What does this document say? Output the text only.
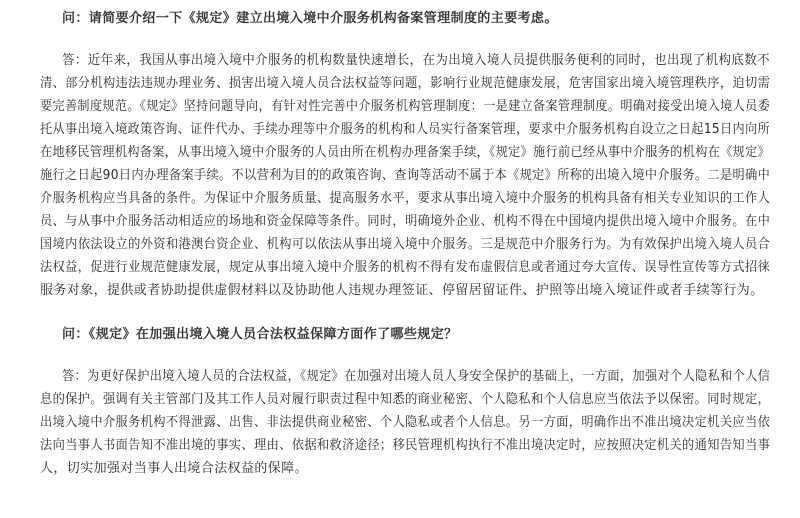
问：请简要介绍一下《规定》建立出境入境中介服务机构备案管理制度的主要考虑。
答：近年来，我国从事出境入境中介服务的机构数量快速增长，在为出境入境人员提供服务便利的同时，也出现了机构底数不
清、部分机构违法违规办理业务、损害出境入境人员合法权益等问题，影响行业规范健康发展，危害国家出境入境管理秩序，迫切需
要完善制度规范。《规定》坚持问题导向，有针对性完善中介服务机构管理制度：一是建立备案管理制度。明确对接受出境入境人员委
托从事出境入境政策咨询、证件代办、手续办理等中介服务的机构和人员实行备案管理，要求中介服务机构自设立之日起15日内向所
在地移民管理机构备案，从事出境入境中介服务的人员由所在机构办理备案手续，《规定》施行前已经从事中介服务的机构在《规定》
施行之日起90日内办理备案手续。不以营利为目的的政策咨询、查询等活动不属于本《规定》所称的出境入境中介服务。二是明确中
介服务机构应当具备的条件。为保证中介服务质量、提高服务水平，要求从事出境入境中介服务的机构具备有相关专业知识的工作人
员、与从事中介服务活动相适应的场地和资金保障等条件。同时，明确境外企业、机构不得在中国境内提供出境入境中介服务。在中
国境内依法设立的外资和港澳台资企业、机构可以依法从事出境入境中介服务。三是规范中介服务行为。为有效保护出境入境人员合
法权益，促进行业规范健康发展，规定从事出境入境中介服务的机构不得有发布虚假信息或者通过夸大宣传、误导性宣传等方式招徕
服务对象，提供或者协助提供虚假材料以及协助他人违规办理签证、停留居留证件、护照等出境入境证件或者手续等行为。
问：《规定》在加强出境入境人员合法权益保障方面作了哪些规定？
答：为更好保护出境入境人员的合法权益，《规定》在加强对出境人员人身安全保护的基础上，一方面，加强对个人隐私和个人信
息的保护。强调有关主管部门及其工作人员对履行职责过程中知悉的商业秘密、个人隐私和个人信息应当依法予以保密。同时规定，
出境入境中介服务机构不得泄露、出售、非法提供商业秘密、个人隐私或者个人信息。另一方面，明确作出不准出境决定机关应当依
法向当事人书面告知不准出境的事实、理由、依据和救济途径；移民管理机构执行不准出境决定时，应按照决定机关的通知告知当事
人，切实加强对当事人出境合法权益的保障。
